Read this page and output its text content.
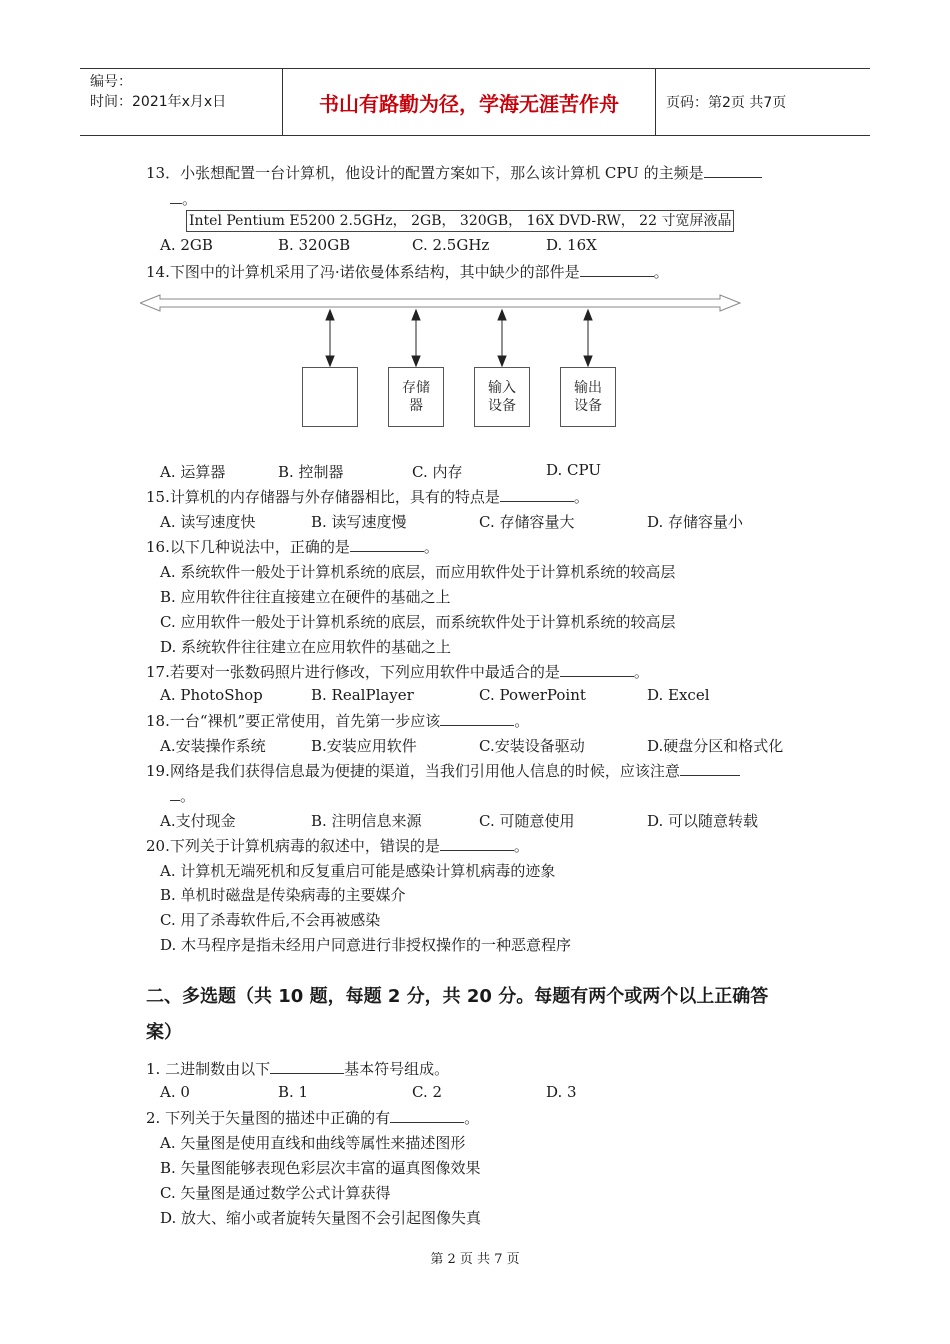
编号：
时间：2021年x月x日	书山有路勤为径，学海无涯苦作舟	页码：第2页 共7页
13．小张想配置一台计算机，他设计的配置方案如下，那么该计算机 CPU 的主频是
。
Intel Pentium E5200 2.5GHz， 2GB， 320GB， 16X DVD-RW， 22 寸宽屏液晶
A. 2GB	B. 320GB	C. 2.5GHz	D. 16X
14.下图中的计算机采用了冯·诺依曼体系结构，其中缺少的部件是	。
存储
器
输入
设备
输出
设备
A. 运算器	B. 控制器	C. 内存	D. CPU
15.计算机的内存储器与外存储器相比，具有的特点是	。
A. 读写速度快	B. 读写速度慢	C. 存储容量大	D. 存储容量小
16.以下几种说法中，正确的是	。
A. 系统软件一般处于计算机系统的底层，而应用软件处于计算机系统的较高层
B. 应用软件往往直接建立在硬件的基础之上
C. 应用软件一般处于计算机系统的底层，而系统软件处于计算机系统的较高层
D. 系统软件往往建立在应用软件的基础之上
17.若要对一张数码照片进行修改，下列应用软件中最适合的是	。
A. PhotoShop	B. RealPlayer	C. PowerPoint	D. Excel
18.一台“裸机”要正常使用，首先第一步应该	。
A.安装操作系统	B.安装应用软件	C.安装设备驱动	D.硬盘分区和格式化
19.网络是我们获得信息最为便捷的渠道，当我们引用他人信息的时候，应该注意
。
A.支付现金	B. 注明信息来源	C. 可随意使用	D. 可以随意转载
20.下列关于计算机病毒的叙述中，错误的是	。
A. 计算机无端死机和反复重启可能是感染计算机病毒的迹象
B. 单机时磁盘是传染病毒的主要媒介
C. 用了杀毒软件后,不会再被感染
D. 木马程序是指未经用户同意进行非授权操作的一种恶意程序
二、多选题（共 10 题，每题 2 分，共 20 分。每题有两个或两个以上正确答
案）
1. 二进制数由以下	基本符号组成。
A. 0	B. 1	C. 2	D. 3
2. 下列关于矢量图的描述中正确的有	。
A. 矢量图是使用直线和曲线等属性来描述图形
B. 矢量图能够表现色彩层次丰富的逼真图像效果
C. 矢量图是通过数学公式计算获得
D. 放大、缩小或者旋转矢量图不会引起图像失真
第 2 页 共 7 页
